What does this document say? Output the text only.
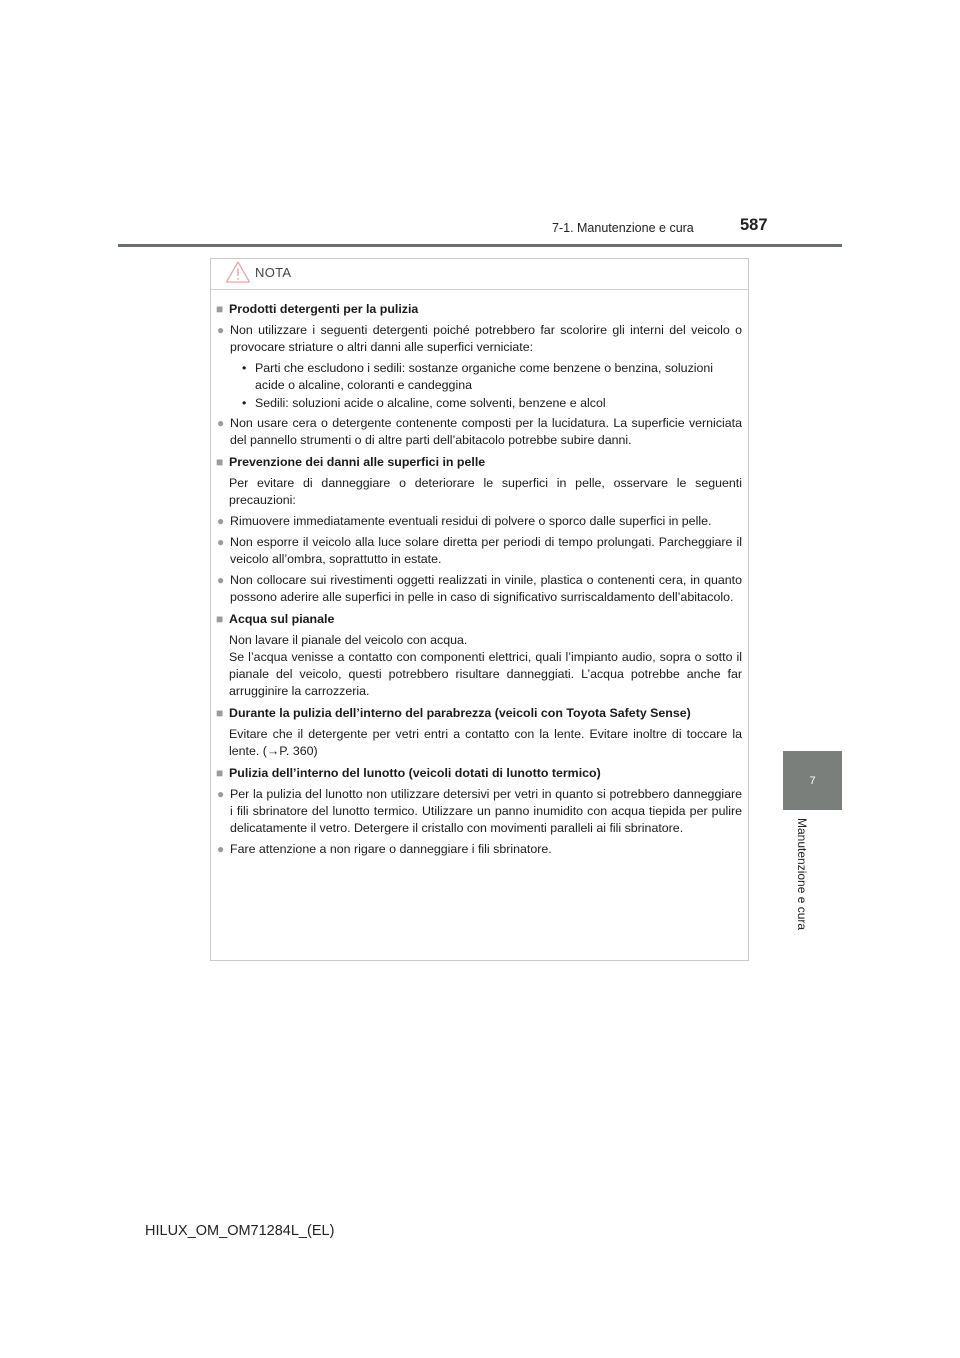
7-1. Manutenzione e cura	587
7
Manutenzione e cura
NOTA
■ Prodotti detergenti per la pulizia
● Non utilizzare i seguenti detergenti poiché potrebbero far scolorire gli interni del veicolo o provocare striature o altri danni alle superfici verniciate:
• Parti che escludono i sedili: sostanze organiche come benzene o benzina, soluzioni acide o alcaline, coloranti e candeggina
• Sedili: soluzioni acide o alcaline, come solventi, benzene e alcol
● Non usare cera o detergente contenente composti per la lucidatura. La superficie verniciata del pannello strumenti o di altre parti dell’abitacolo potrebbe subire danni.
■ Prevenzione dei danni alle superfici in pelle
Per evitare di danneggiare o deteriorare le superfici in pelle, osservare le seguenti precauzioni:
● Rimuovere immediatamente eventuali residui di polvere o sporco dalle superfici in pelle.
● Non esporre il veicolo alla luce solare diretta per periodi di tempo prolungati. Parcheggiare il veicolo all’ombra, soprattutto in estate.
● Non collocare sui rivestimenti oggetti realizzati in vinile, plastica o contenenti cera, in quanto possono aderire alle superfici in pelle in caso di significativo surriscaldamento dell’abitacolo.
■ Acqua sul pianale
Non lavare il pianale del veicolo con acqua.
Se l’acqua venisse a contatto con componenti elettrici, quali l’impianto audio, sopra o sotto il pianale del veicolo, questi potrebbero risultare danneggiati. L’acqua potrebbe anche far arrugginire la carrozzeria.
■ Durante la pulizia dell’interno del parabrezza (veicoli con Toyota Safety Sense)
Evitare che il detergente per vetri entri a contatto con la lente. Evitare inoltre di toccare la lente. (→P. 360)
■ Pulizia dell’interno del lunotto (veicoli dotati di lunotto termico)
● Per la pulizia del lunotto non utilizzare detersivi per vetri in quanto si potrebbero danneggiare i fili sbrinatore del lunotto termico. Utilizzare un panno inumidito con acqua tiepida per pulire delicatamente il vetro. Detergere il cristallo con movimenti paralleli ai fili sbrinatore.
● Fare attenzione a non rigare o danneggiare i fili sbrinatore.
HILUX_OM_OM71284L_(EL)
